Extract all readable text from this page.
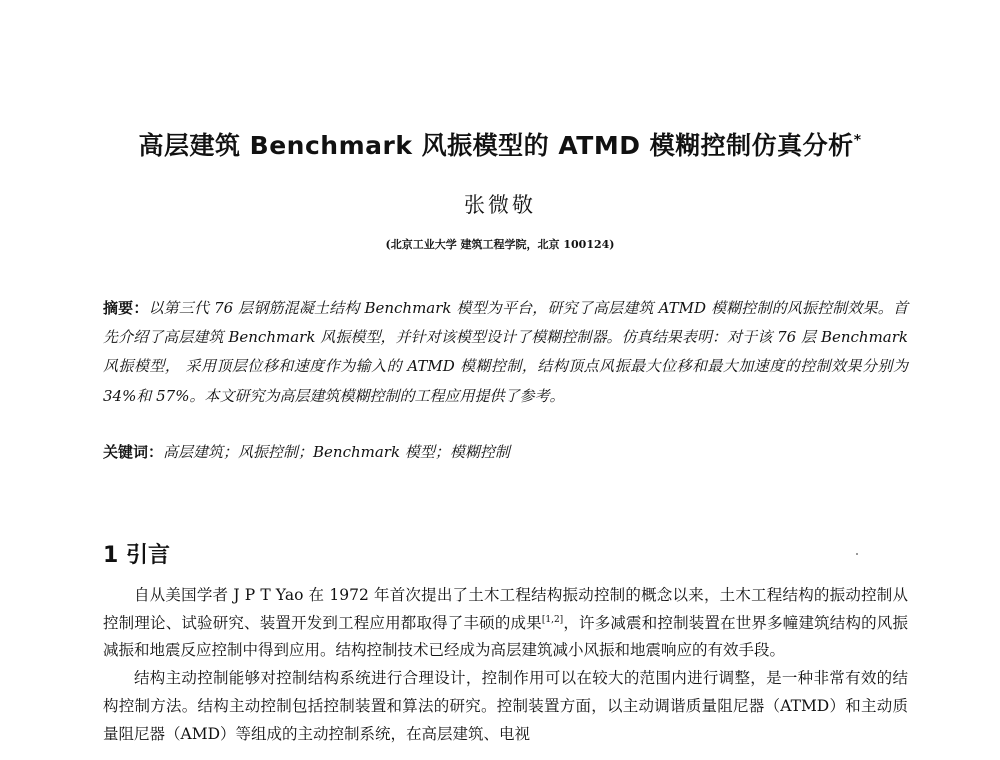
高层建筑 Benchmark 风振模型的 ATMD 模糊控制仿真分析*
张微敬
(北京工业大学 建筑工程学院，北京 100124)

摘要：以第三代 76 层钢筋混凝土结构 Benchmark 模型为平台，研究了高层建筑 ATMD 模糊控制的风振控制效果。首先介绍了高层建筑 Benchmark 风振模型，并针对该模型设计了模糊控制器。仿真结果表明：对于该 76 层 Benchmark 风振模型， 采用顶层位移和速度作为输入的 ATMD 模糊控制，结构顶点风振最大位移和最大加速度的控制效果分别为 34%和 57%。本文研究为高层建筑模糊控制的工程应用提供了参考。

关键词：高层建筑；风振控制；Benchmark 模型；模糊控制

1 引言

自从美国学者 J P T Yao 在 1972 年首次提出了土木工程结构振动控制的概念以来，土木工程结构的振动控制从控制理论、试验研究、装置开发到工程应用都取得了丰硕的成果[1,2]，许多减震和控制装置在世界多幢建筑结构的风振减振和地震反应控制中得到应用。结构控制技术已经成为高层建筑减小风振和地震响应的有效手段。

结构主动控制能够对控制结构系统进行合理设计，控制作用可以在较大的范围内进行调整，是一种非常有效的结构控制方法。结构主动控制包括控制装置和算法的研究。控制装置方面，以主动调谐质量阻尼器（ATMD）和主动质量阻尼器（AMD）等组成的主动控制系统，在高层建筑、电视
